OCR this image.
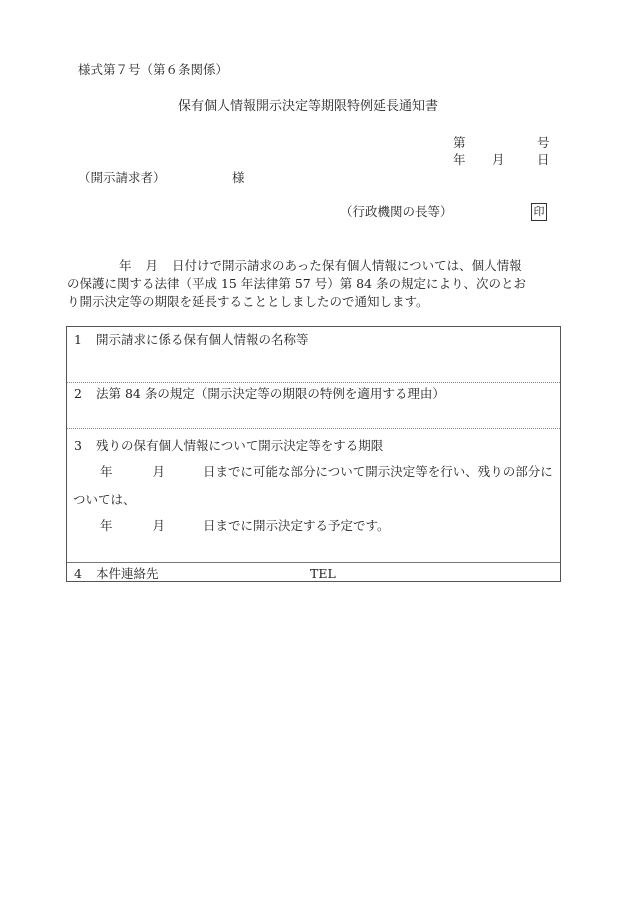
様式第７号（第６条関係）
保有個人情報開示決定等期限特例延長通知書
第	号
年 月	日
（開示請求者）	様
（行政機関の長等）	印
年 月 日付けで開示請求のあった保有個人情報については、個人情報
の保護に関する法律（平成 15 年法律第 57 号）第 84 条の規定により、次のとお
り開示決定等の期限を延長することとしましたので通知します。
1 開示請求に係る保有個人情報の名称等
2 法第 84 条の規定（開示決定等の期限の特例を適用する理由）
3 残りの保有個人情報について開示決定等をする期限
年	月	日までに可能な部分について開示決定等を行い、残りの部分に
ついては、
年	月	日までに開示決定する予定です。
4 本件連絡先	TEL
